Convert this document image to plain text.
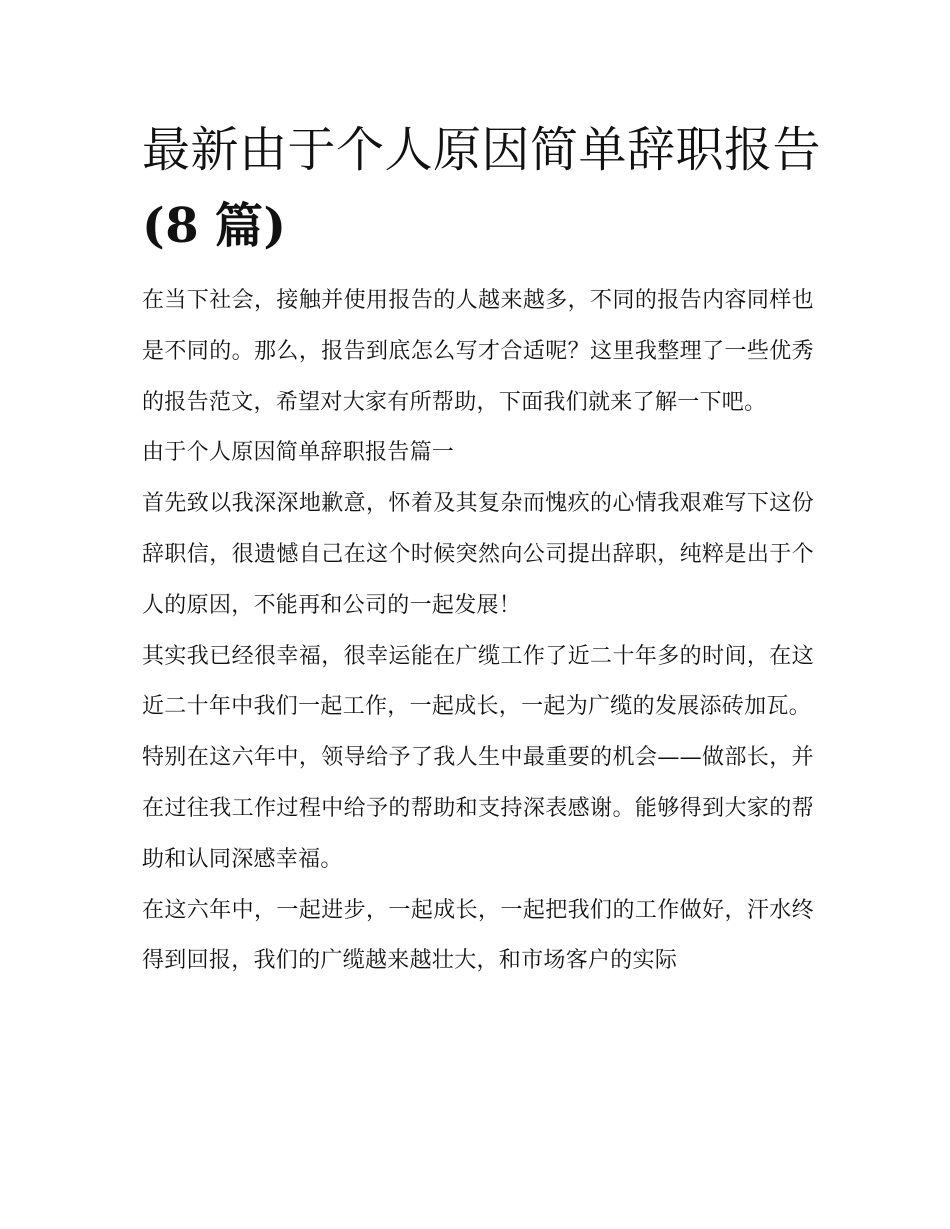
最新由于个人原因简单辞职报告
(8 篇)

在当下社会，接触并使用报告的人越来越多，不同的报告内容同样也是不同的。那么，报告到底怎么写才合适呢？这里我整理了一些优秀的报告范文，希望对大家有所帮助，下面我们就来了解一下吧。

由于个人原因简单辞职报告篇一

首先致以我深深地歉意，怀着及其复杂而愧疚的心情我艰难写下这份辞职信，很遗憾自己在这个时候突然向公司提出辞职，纯粹是出于个人的原因，不能再和公司的一起发展！

其实我已经很幸福，很幸运能在广缆工作了近二十年多的时间，在这近二十年中我们一起工作，一起成长，一起为广缆的发展添砖加瓦。

特别在这六年中，领导给予了我人生中最重要的机会——做部长，并在过往我工作过程中给予的帮助和支持深表感谢。能够得到大家的帮助和认同深感幸福。

在这六年中，一起进步，一起成长，一起把我们的工作做好，汗水终得到回报，我们的广缆越来越壮大，和市场客户的实际
